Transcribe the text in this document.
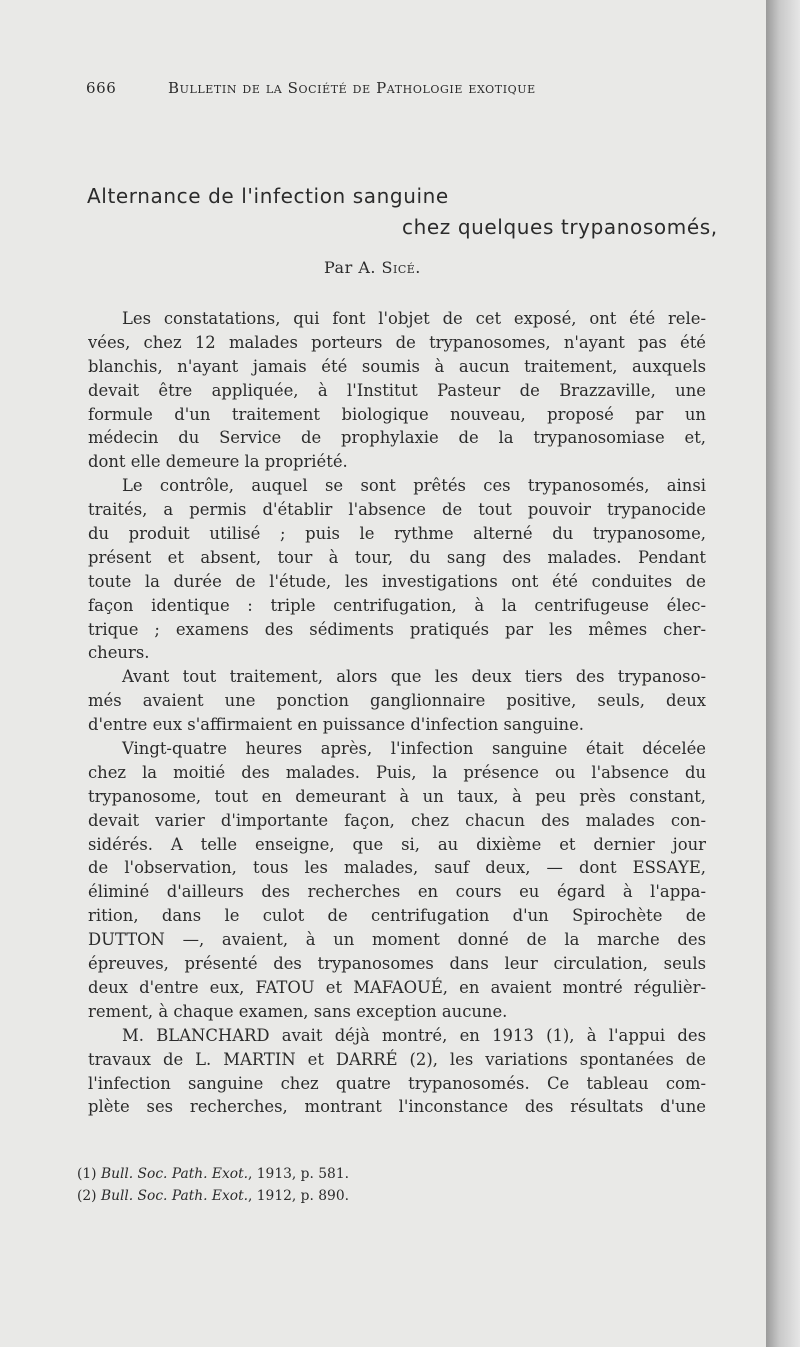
666	Bulletin de la Société de Pathologie exotique
Alternance de l'infection sanguine
chez quelques trypanosomés,
Par A. Sicé.
Les constatations, qui font l'objet de cet exposé, ont été rele-
vées, chez 12 malades porteurs de trypanosomes, n'ayant pas été
blanchis, n'ayant jamais été soumis à aucun traitement, auxquels
devait être appliquée, à l'Institut Pasteur de Brazzaville, une
formule d'un traitement biologique nouveau, proposé par un
médecin du Service de prophylaxie de la trypanosomiase et,
dont elle demeure la propriété.
Le contrôle, auquel se sont prêtés ces trypanosomés, ainsi
traités, a permis d'établir l'absence de tout pouvoir trypanocide
du produit utilisé ; puis le rythme alterné du trypanosome,
présent et absent, tour à tour, du sang des malades. Pendant
toute la durée de l'étude, les investigations ont été conduites de
façon identique : triple centrifugation, à la centrifugeuse élec-
trique ; examens des sédiments pratiqués par les mêmes cher-
cheurs.
Avant tout traitement, alors que les deux tiers des trypanoso-
més avaient une ponction ganglionnaire positive, seuls, deux
d'entre eux s'affirmaient en puissance d'infection sanguine.
Vingt-quatre heures après, l'infection sanguine était décelée
chez la moitié des malades. Puis, la présence ou l'absence du
trypanosome, tout en demeurant à un taux, à peu près constant,
devait varier d'importante façon, chez chacun des malades con-
sidérés. A telle enseigne, que si, au dixième et dernier jour
de l'observation, tous les malades, sauf deux, — dont ESSAYE,
éliminé d'ailleurs des recherches en cours eu égard à l'appa-
rition, dans le culot de centrifugation d'un Spirochète de
DUTTON —, avaient, à un moment donné de la marche des
épreuves, présenté des trypanosomes dans leur circulation, seuls
deux d'entre eux, FATOU et MAFAOUÉ, en avaient montré régulièr-
rement, à chaque examen, sans exception aucune.
M. BLANCHARD avait déjà montré, en 1913 (1), à l'appui des
travaux de L. MARTIN et DARRÉ (2), les variations spontanées de
l'infection sanguine chez quatre trypanosomés. Ce tableau com-
plète ses recherches, montrant l'inconstance des résultats d'une
(1) Bull. Soc. Path. Exot., 1913, p. 581.
(2) Bull. Soc. Path. Exot., 1912, p. 890.
